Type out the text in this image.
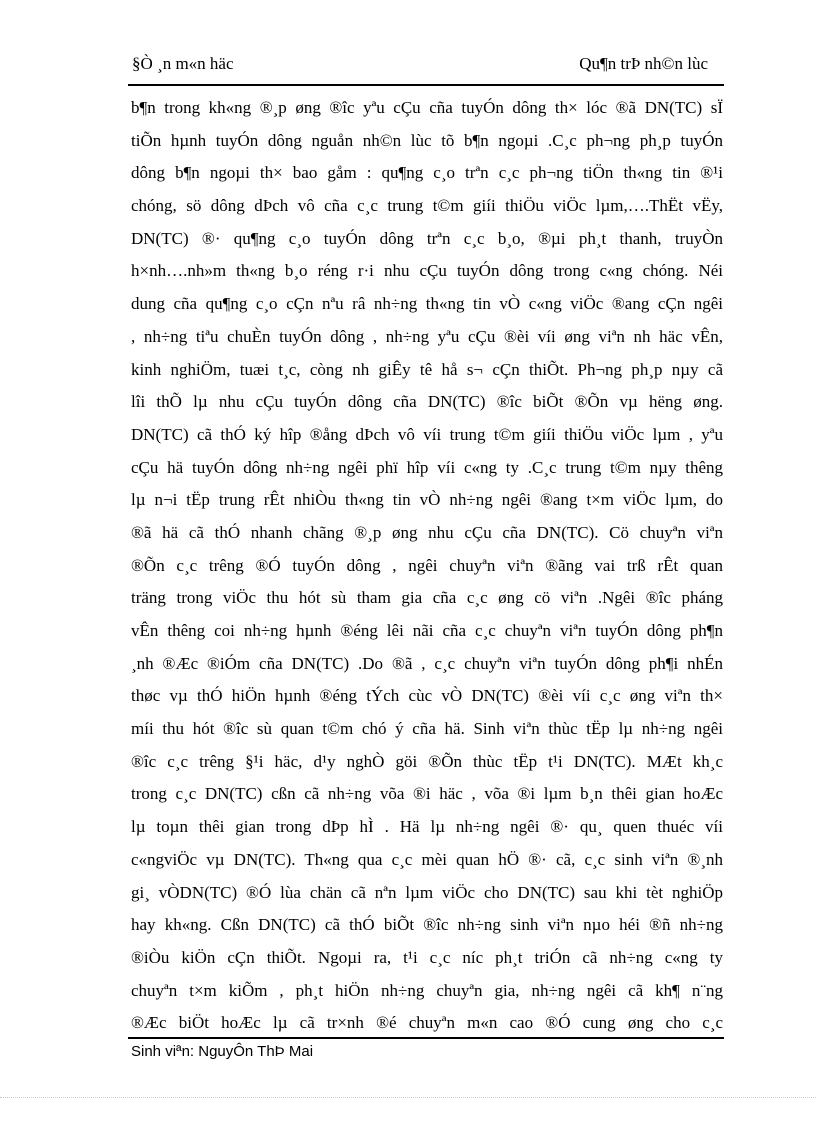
§Ò ¸n m«n häc	Qu¶n trÞ nh©n lùc
b¶n trong kh«ng ®¸p øng ®îc yªu cÇu cña tuyÓn dông th× lóc ®ã DN(TC) sÏ
tiÕn hµnh tuyÓn dông nguån nh©n lùc tõ b¶n ngoµi .C¸c ph¬ng ph¸p tuyÓn
dông b¶n ngoµi th× bao gåm : qu¶ng c¸o trªn c¸c ph¬ng tiÖn th«ng tin ®¹i
chóng, sö dông dÞch vô cña c¸c trung t©m giíi thiÖu viÖc lµm,….ThËt vËy,
DN(TC) ®· qu¶ng c¸o tuyÓn dông trªn c¸c b¸o, ®µi ph¸t thanh, truyÒn
h×nh….nh»m th«ng b¸o réng r·i nhu cÇu tuyÓn dông trong c«ng chóng. Néi
dung cña qu¶ng c¸o cÇn nªu râ nh÷ng th«ng tin vÒ c«ng viÖc ®ang cÇn ngêi
, nh÷ng tiªu chuÈn tuyÓn dông , nh÷ng yªu cÇu ®èi víi øng viªn nh häc vÊn,
kinh nghiÖm, tuæi t¸c, còng nh giÊy tê hå s¬ cÇn thiÕt. Ph¬ng ph¸p nµy cã
lîi thÕ lµ nhu cÇu tuyÓn dông cña DN(TC) ®îc biÕt ®Õn vµ hëng øng.
DN(TC) cã thÓ ký hîp ®ång dÞch vô víi trung t©m giíi thiÖu viÖc lµm , yªu
cÇu hä tuyÓn dông nh÷ng ngêi phï hîp víi c«ng ty .C¸c trung t©m nµy thêng
lµ n¬i tËp trung rÊt nhiÒu th«ng tin vÒ nh÷ng ngêi ®ang t×m viÖc lµm, do
®ã hä cã thÓ nhanh chãng ®¸p øng nhu cÇu cña DN(TC). Cö chuyªn viªn
®Õn c¸c trêng ®Ó tuyÓn dông , ngêi chuyªn viªn ®ãng vai trß rÊt quan
träng trong viÖc thu hót sù tham gia cña c¸c øng cö viªn .Ngêi ®îc pháng
vÊn thêng coi nh÷ng hµnh ®éng lêi nãi cña c¸c chuyªn viªn tuyÓn dông ph¶n
¸nh ®Æc ®iÓm cña DN(TC) .Do ®ã , c¸c chuyªn viªn tuyÓn dông ph¶i nhÉn
thøc vµ thÓ hiÖn hµnh ®éng tÝch cùc vÒ DN(TC) ®èi víi c¸c øng viªn th×
míi thu hót ®îc sù quan t©m chó ý cña hä. Sinh viªn thùc tËp lµ nh÷ng ngêi
®îc c¸c trêng §¹i häc, d¹y nghÒ göi ®Õn thùc tËp t¹i DN(TC). MÆt kh¸c
trong c¸c DN(TC) cßn cã nh÷ng võa ®i häc , võa ®i lµm b¸n thêi gian hoÆc
lµ toµn thêi gian trong dÞp hÌ . Hä lµ nh÷ng ngêi ®· qu¸ quen thuéc víi
c«ngviÖc vµ DN(TC). Th«ng qua c¸c mèi quan hÖ ®· cã, c¸c sinh viªn ®¸nh
gi¸ vÒDN(TC) ®Ó lùa chän cã nªn lµm viÖc cho DN(TC) sau khi tèt nghiÖp
hay kh«ng. Cßn DN(TC) cã thÓ biÕt ®îc nh÷ng sinh viªn nµo héi ®ñ nh÷ng
®iÒu kiÖn cÇn thiÕt. Ngoµi ra, t¹i c¸c níc ph¸t triÓn cã nh÷ng c«ng ty
chuyªn t×m kiÕm , ph¸t hiÖn nh÷ng chuyªn gia, nh÷ng ngêi cã kh¶ n¨ng
®Æc biÖt hoÆc lµ cã tr×nh ®é chuyªn m«n cao ®Ó cung øng cho c¸c
Sinh viªn: NguyÔn ThÞ Mai
